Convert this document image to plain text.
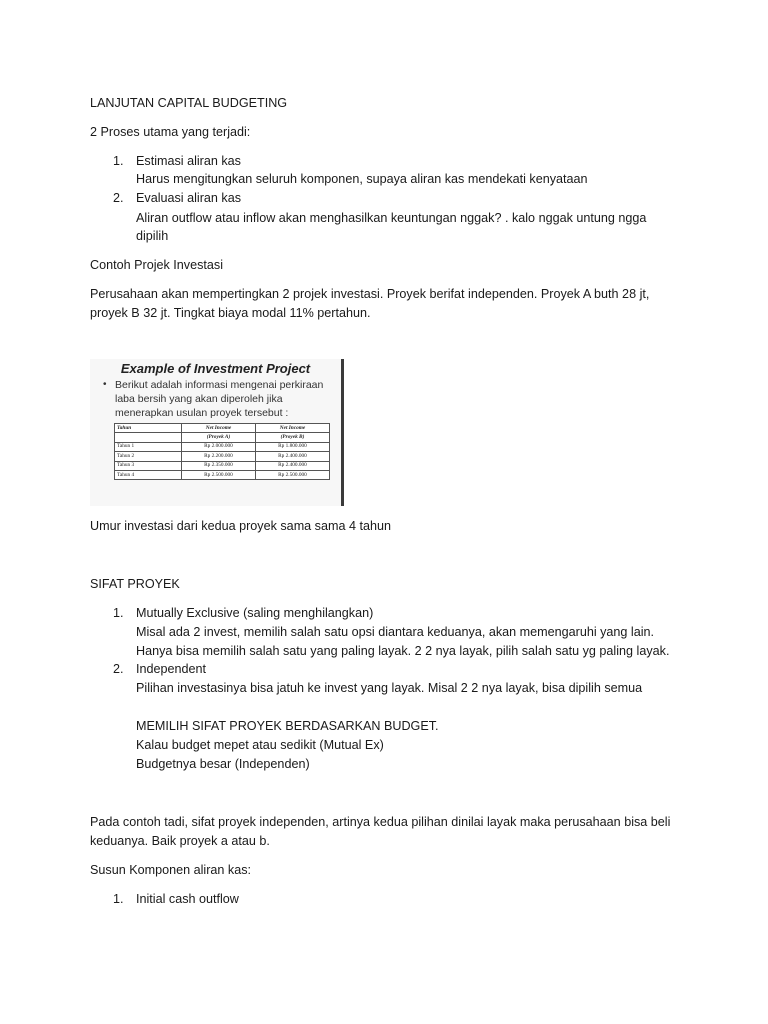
LANJUTAN CAPITAL BUDGETING

2 Proses utama yang terjadi:

1. Estimasi aliran kas
Harus mengitungkan seluruh komponen, supaya aliran kas mendekati kenyataan
2. Evaluasi aliran kas
Aliran outflow atau inflow akan menghasilkan keuntungan nggak? . kalo nggak untung ngga
dipilih

Contoh Projek Investasi

Perusahaan akan mempertingkan 2 projek investasi. Proyek berifat independen. Proyek A buth 28 jt,

proyek B 32 jt. Tingkat biaya modal 11% pertahun.

Example of Investment Project
• Berikut adalah informasi mengenai perkiraan laba bersih yang akan diperoleh jika menerapkan usulan proyek tersebut :
Tahun	Net Income	Net Income
	(Proyek A)	(Proyek B)
Tahun 1	Rp 2.000.000	Rp 1.800.000
Tahun 2	Rp 2.200.000	Rp 2.400.000
Tahun 3	Rp 2.350.000	Rp 2.400.000
Tahun 4	Rp 2.500.000	Rp 2.500.000

Umur investasi dari kedua proyek sama sama 4 tahun

SIFAT PROYEK

1. Mutually Exclusive (saling menghilangkan)
Misal ada 2 invest, memilih salah satu opsi diantara keduanya, akan memengaruhi yang lain.
Hanya bisa memilih salah satu yang paling layak. 2 2 nya layak, pilih salah satu yg paling layak.
2. Independent
Pilihan investasinya bisa jatuh ke invest yang layak. Misal 2 2 nya layak, bisa dipilih semua
MEMILIH SIFAT PROYEK BERDASARKAN BUDGET.
Kalau budget mepet atau sedikit (Mutual Ex)
Budgetnya besar (Independen)

Pada contoh tadi, sifat proyek independen, artinya kedua pilihan dinilai layak maka perusahaan bisa beli

keduanya. Baik proyek a atau b.

Susun Komponen aliran kas:

1. Initial cash outflow
